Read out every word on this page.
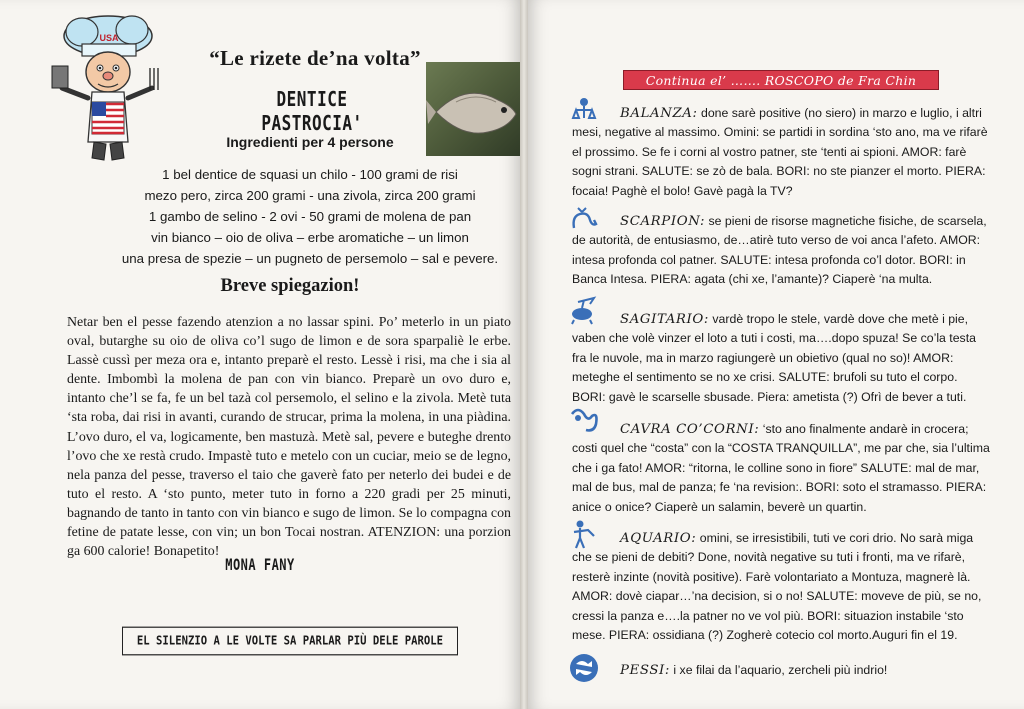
USA
“Le rizete de’na volta”
DENTICE PASTROCIA'
Ingredienti per 4 persone
1 bel dentice de squasi un chilo - 100 grami de risi
mezo pero, zirca 200 grami - una zivola, zirca 200 grami
1 gambo de selino - 2 ovi - 50 grami de molena de pan
vin bianco – oio de oliva – erbe aromatiche – un limon
una presa de spezie – un pugneto de persemolo – sal e pevere.
Breve spiegazion!

Netar ben el pesse fazendo atenzion a no lassar spini. Po’ meterlo in un piato oval, butarghe su oio de oliva co’l sugo de limon e de sora sparpaliè le erbe. Lassè cussì per meza ora e, intanto preparè el resto. Lessè i risi, ma che i sia al dente. Imbombì la molena de pan con vin bianco. Preparè un ovo duro e, intanto che’l se fa, fe un bel tazà col persemolo, el selino e la zivola. Metè tuta ‘sta roba, dai risi in avanti, curando de strucar, prima la molena, in una piàdina. L’ovo duro, el va, logicamente, ben mastuzà. Metè sal, pevere e buteghe drento l’ovo che xe restà crudo. Impastè tuto e metelo con un cuciar, meio se de legno, nela panza del pesse, traverso el taio che gaverè fato per neterlo dei budei e de tuto el resto. A ‘sto punto, meter tuto in forno a 220 gradi per 25 minuti, bagnando de tanto in tanto con vin bianco e sugo de limon. Se lo compagna con fetine de patate lesse, con vin; un bon Tocai nostran. ATENZION: una porzion ga 600 calorie! Bonapetito!

MONA FANY
EL SILENZIO A LE VOLTE SA PARLAR PIÙ DELE PAROLE
Continua el’ ……. ROSCOPO de Fra Chin

BALANZA: done sarè positive (no siero) in marzo e luglio, i altri mesi, negative al massimo. Omini: se partidi in sordina ‘sto ano, ma ve rifarè el prossimo. Se fe i corni al vostro patner, ste ‘tenti ai spioni. AMOR: farè sogni strani. SALUTE: se zò de bala. BORI: no ste pianzer el morto. PIERA: focaia! Paghè el bolo! Gavè pagà la TV?

SCARPION: se pieni de risorse magnetiche fisiche, de scarsela, de autorità, de entusiasmo, de…atirè tuto verso de voi anca l’afeto. AMOR: intesa profonda col patner. SALUTE: intesa profonda co’l dotor. BORI: in Banca Intesa. PIERA: agata (chi xe, l’amante)? Ciaperè ‘na multa.

SAGITARIO: vardè tropo le stele, vardè dove che metè i pie, vaben che volè vinzer el loto a tuti i costi, ma….dopo spuza! Se co’la testa fra le nuvole, ma in marzo ragiungerè un obietivo (qual no so)! AMOR: meteghe el sentimento se no xe crisi. SALUTE: brufoli su tuto el corpo. BORI: gavè le scarselle sbusade. Piera: ametista (?) Ofrì de bever a tuti.

CAVRA CO’CORNI: ‘sto ano finalmente andarè in crocera; costi quel che “costa” con la “COSTA TRANQUILLA”, me par che, sia l’ultima che i ga fato! AMOR: “ritorna, le colline sono in fiore” SALUTE: mal de mar, mal de bus, mal de panza; fe ‘na revision:. BORI: soto el stramasso. PIERA: anice o onice? Ciaperè un salamin, beverè un quartin.

AQUARIO: omini, se irresistibili, tuti ve cori drio. No sarà miga che se pieni de debiti? Done, novità negative su tuti i fronti, ma ve rifarè, resterè inzinte (novità positive). Farè volontariato a Montuza, magnerè là. AMOR: dovè ciapar…’na decision, si o no! SALUTE: moveve de più, se no, cressi la panza e….la patner no ve vol più. BORI: situazion instabile ‘sto mese. PIERA: ossidiana (?) Zogherè cotecio col morto.Auguri fin el 19.

PESSI: i xe filai da l’aquario, zercheli più indrio!
